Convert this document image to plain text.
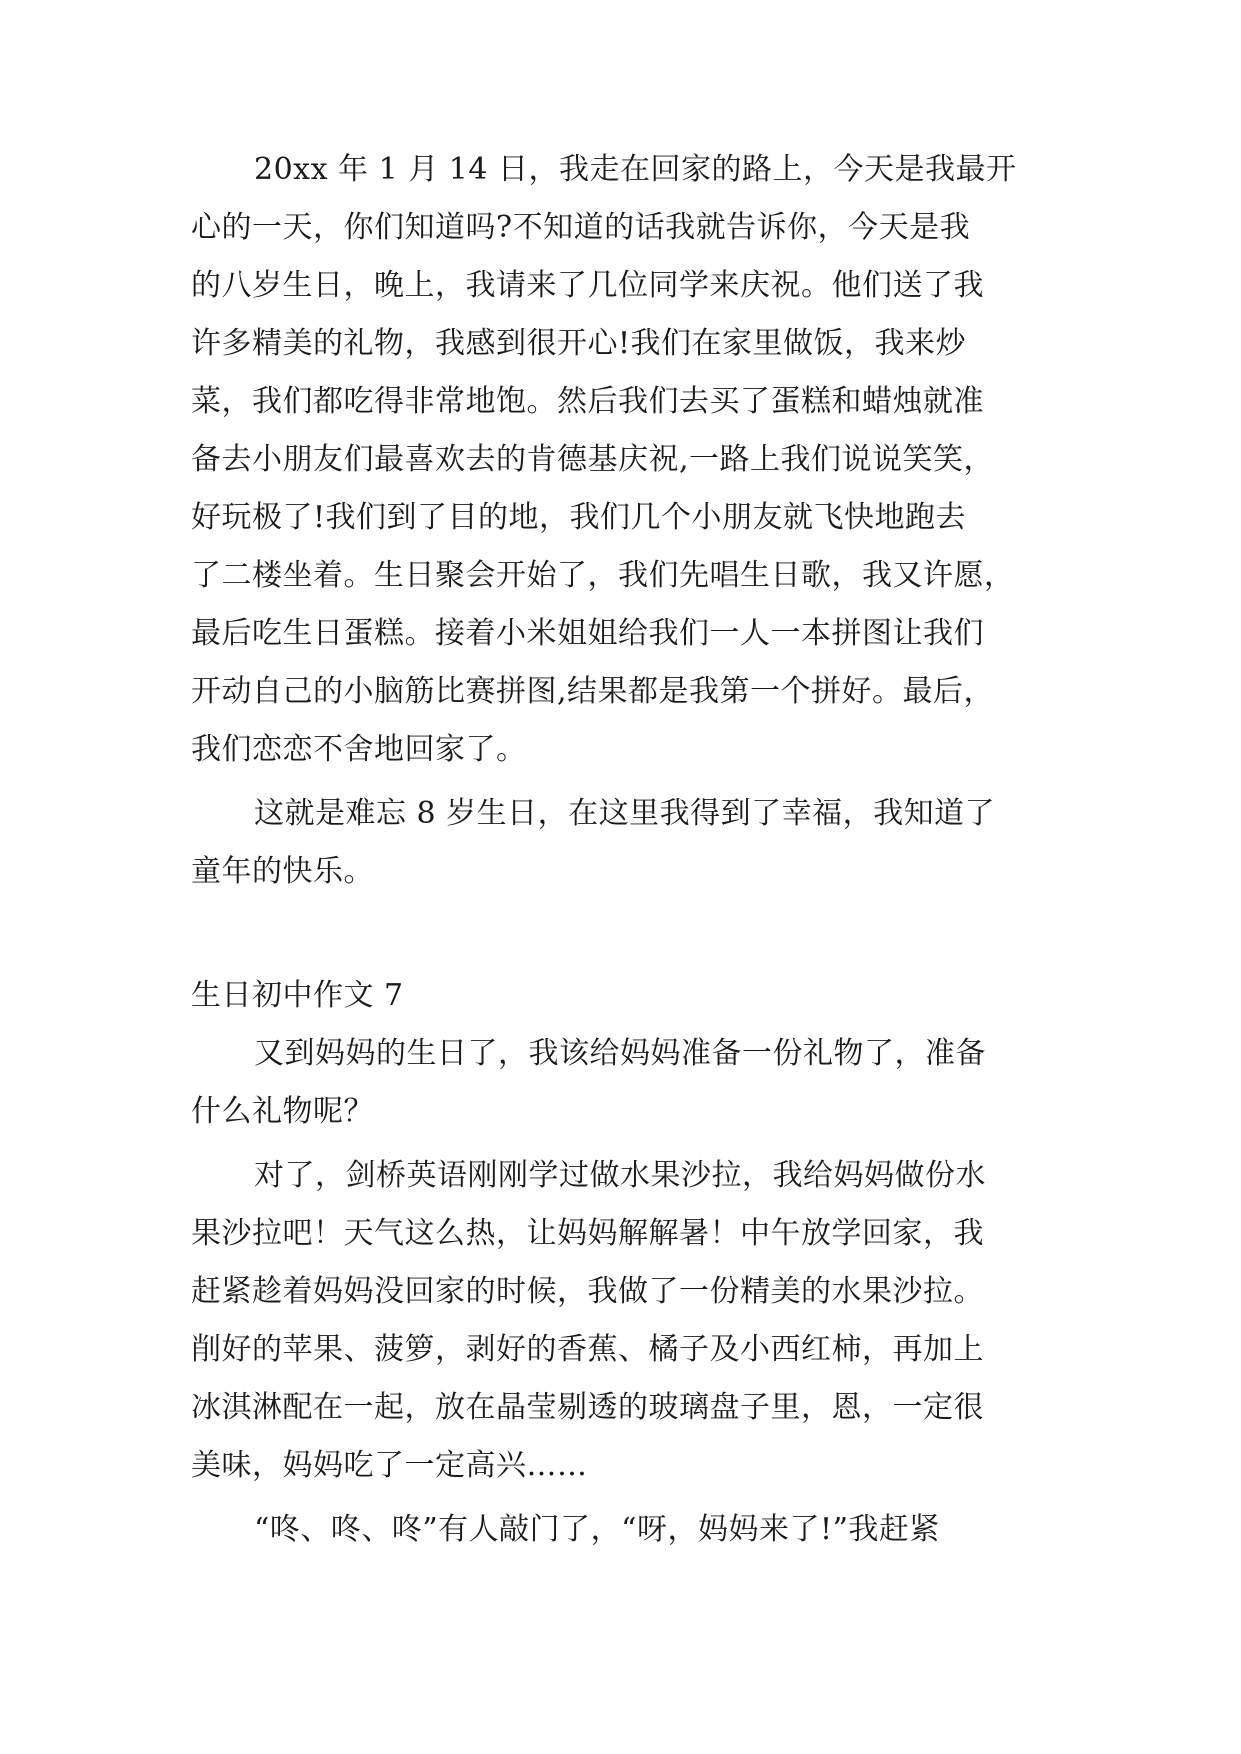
20xx 年 1 月 14 日，我走在回家的路上，今天是我最开
心的一天，你们知道吗?不知道的话我就告诉你，今天是我
的八岁生日，晚上，我请来了几位同学来庆祝。他们送了我
许多精美的礼物，我感到很开心!我们在家里做饭，我来炒
菜，我们都吃得非常地饱。然后我们去买了蛋糕和蜡烛就准
备去小朋友们最喜欢去的肯德基庆祝,一路上我们说说笑笑，
好玩极了!我们到了目的地，我们几个小朋友就飞快地跑去
了二楼坐着。生日聚会开始了，我们先唱生日歌，我又许愿，
最后吃生日蛋糕。接着小米姐姐给我们一人一本拼图让我们
开动自己的小脑筋比赛拼图,结果都是我第一个拼好。最后，
我们恋恋不舍地回家了。
这就是难忘 8 岁生日，在这里我得到了幸福，我知道了
童年的快乐。
生日初中作文 7
又到妈妈的生日了，我该给妈妈准备一份礼物了，准备
什么礼物呢？
对了，剑桥英语刚刚学过做水果沙拉，我给妈妈做份水
果沙拉吧！天气这么热，让妈妈解解暑！中午放学回家，我
赶紧趁着妈妈没回家的时候，我做了一份精美的水果沙拉。
削好的苹果、菠箩，剥好的香蕉、橘子及小西红柿，再加上
冰淇淋配在一起，放在晶莹剔透的玻璃盘子里，恩，一定很
美味，妈妈吃了一定高兴……
“咚、咚、咚”有人敲门了，“呀，妈妈来了!”我赶紧
